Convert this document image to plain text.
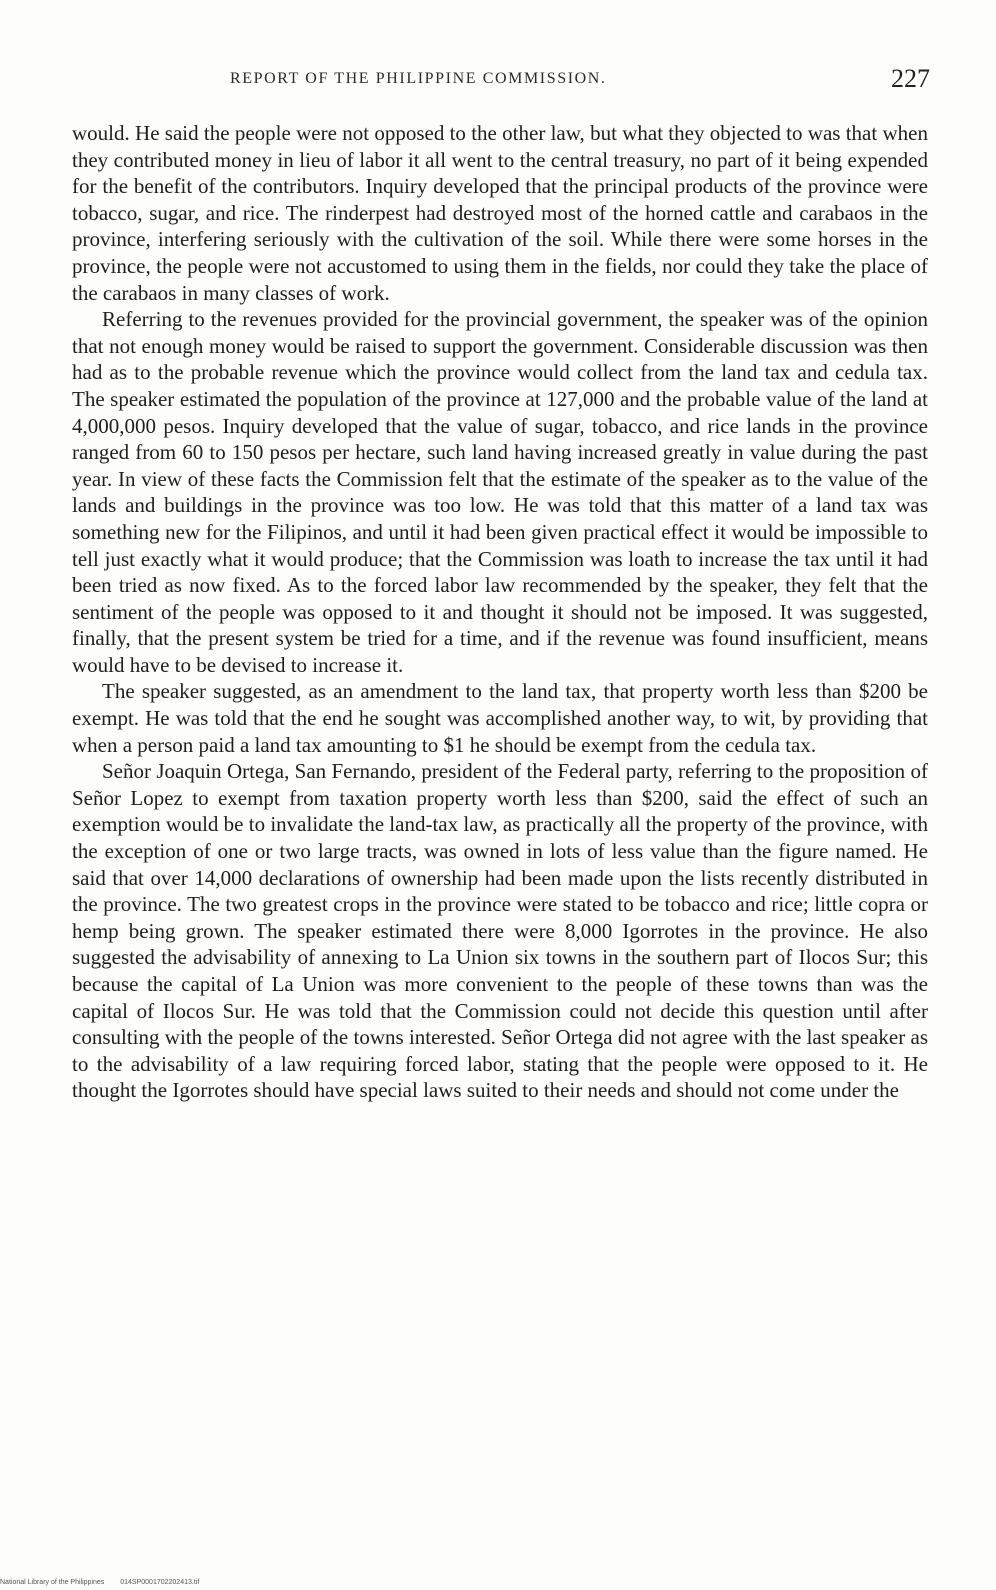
REPORT OF THE PHILIPPINE COMMISSION.	227

would. He said the people were not opposed to the other law, but what they objected to was that when they contributed money in lieu of labor it all went to the central treasury, no part of it being expended for the benefit of the contributors. Inquiry developed that the principal products of the province were tobacco, sugar, and rice. The rinderpest had destroyed most of the horned cattle and carabaos in the province, interfering seriously with the cultivation of the soil. While there were some horses in the province, the people were not accustomed to using them in the fields, nor could they take the place of the carabaos in many classes of work.

Referring to the revenues provided for the provincial government, the speaker was of the opinion that not enough money would be raised to support the government. Considerable discussion was then had as to the probable revenue which the province would collect from the land tax and cedula tax. The speaker estimated the population of the province at 127,000 and the probable value of the land at 4,000,000 pesos. Inquiry developed that the value of sugar, tobacco, and rice lands in the province ranged from 60 to 150 pesos per hectare, such land having increased greatly in value during the past year. In view of these facts the Commission felt that the estimate of the speaker as to the value of the lands and buildings in the province was too low. He was told that this matter of a land tax was something new for the Filipinos, and until it had been given practical effect it would be impossible to tell just exactly what it would produce; that the Commission was loath to increase the tax until it had been tried as now fixed. As to the forced labor law recommended by the speaker, they felt that the sentiment of the people was opposed to it and thought it should not be imposed. It was suggested, finally, that the present system be tried for a time, and if the revenue was found insufficient, means would have to be devised to increase it.

The speaker suggested, as an amendment to the land tax, that property worth less than $200 be exempt. He was told that the end he sought was accomplished another way, to wit, by providing that when a person paid a land tax amounting to $1 he should be exempt from the cedula tax.

Señor Joaquin Ortega, San Fernando, president of the Federal party, referring to the proposition of Señor Lopez to exempt from taxation property worth less than $200, said the effect of such an exemption would be to invalidate the land-tax law, as practically all the property of the province, with the exception of one or two large tracts, was owned in lots of less value than the figure named. He said that over 14,000 declarations of ownership had been made upon the lists recently distributed in the province. The two greatest crops in the province were stated to be tobacco and rice; little copra or hemp being grown. The speaker estimated there were 8,000 Igorrotes in the province. He also suggested the advisability of annexing to La Union six towns in the southern part of Ilocos Sur; this because the capital of La Union was more convenient to the people of these towns than was the capital of Ilocos Sur. He was told that the Commission could not decide this question until after consulting with the people of the towns interested. Señor Ortega did not agree with the last speaker as to the advisability of a law requiring forced labor, stating that the people were opposed to it. He thought the Igorrotes should have special laws suited to their needs and should not come under the

National Library of the Philippines 014SP0001702202413.tif
